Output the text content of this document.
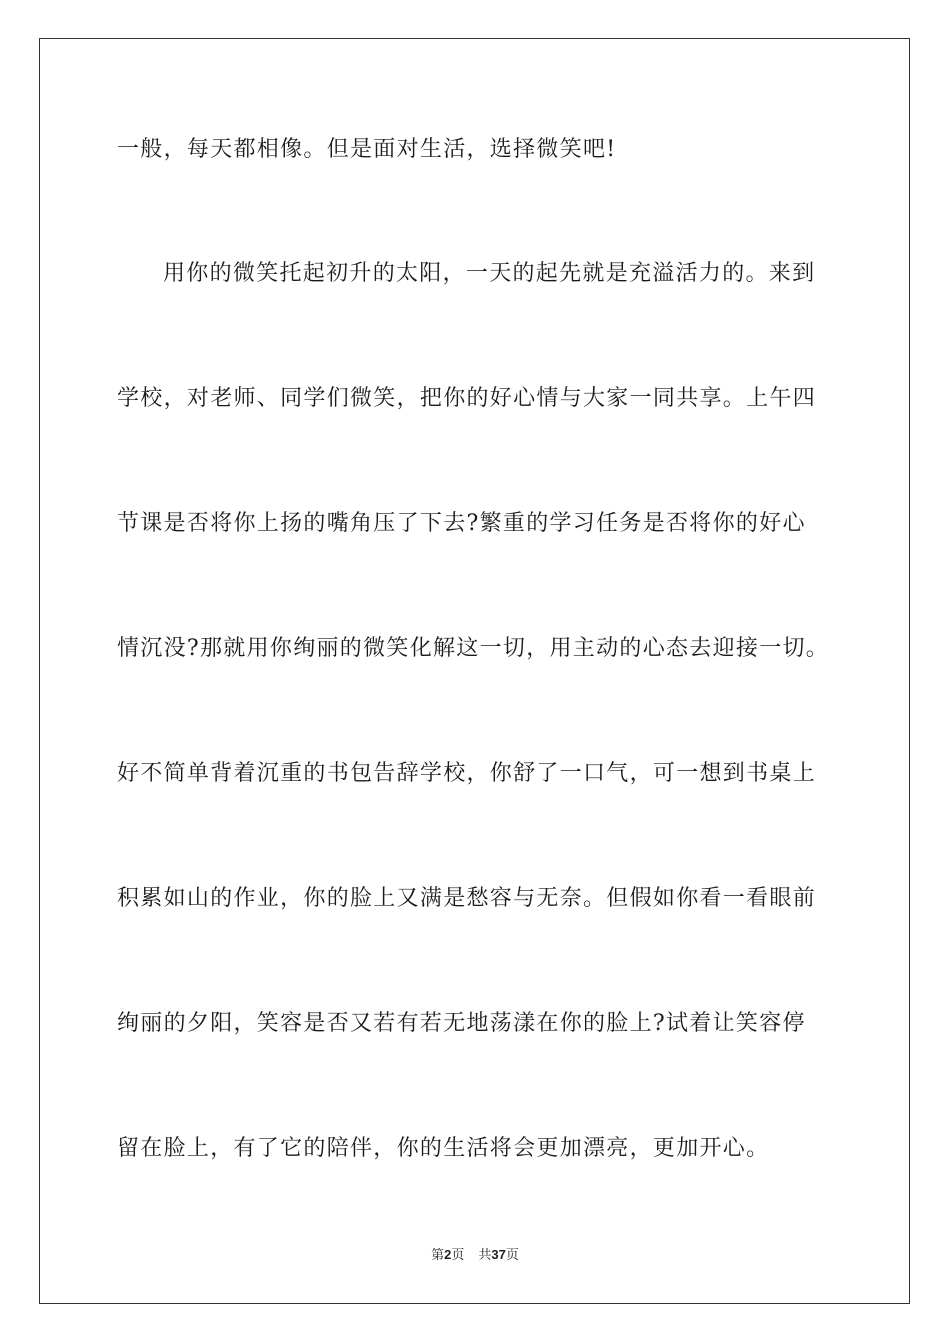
一般，每天都相像。但是面对生活，选择微笑吧!
用你的微笑托起初升的太阳，一天的起先就是充溢活力的。来到
学校，对老师、同学们微笑，把你的好心情与大家一同共享。上午四
节课是否将你上扬的嘴角压了下去?繁重的学习任务是否将你的好心
情沉没?那就用你绚丽的微笑化解这一切，用主动的心态去迎接一切。
好不简单背着沉重的书包告辞学校，你舒了一口气，可一想到书桌上
积累如山的作业，你的脸上又满是愁容与无奈。但假如你看一看眼前
绚丽的夕阳，笑容是否又若有若无地荡漾在你的脸上?试着让笑容停
留在脸上，有了它的陪伴，你的生活将会更加漂亮，更加开心。
第2页 共37页
